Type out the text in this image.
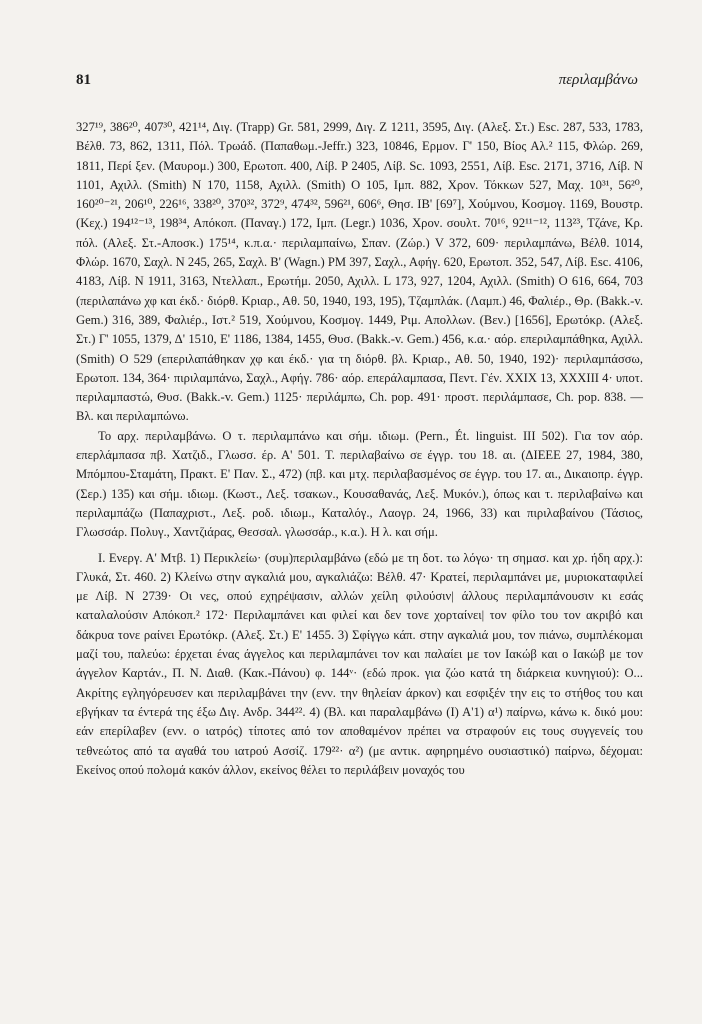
81	περιλαμβάνω

327¹⁹, 386²⁰, 407³⁰, 421¹⁴, Διγ. (Trapp) Gr. 581, 2999, Διγ. Ζ 1211, 3595, Διγ. (Αλεξ. Στ.) Esc. 287, 533, 1783, Βέλθ. 73, 862, 1311, Πόλ. Τρωάδ. (Παπαθωμ.-Jeffr.) 323, 10846, Ερμον. Γ' 150, Βίος Αλ.² 115, Φλώρ. 269, 1811, Περί ξεν. (Μαυρομ.) 300, Ερωτοπ. 400, Λίβ. P 2405, Λίβ. Sc. 1093, 2551, Λίβ. Esc. 2171, 3716, Λίβ. N 1101, Αχιλλ. (Smith) N 170, 1158, Αχιλλ. (Smith) O 105, Ιμπ. 882, Χρον. Τόκκων 527, Μαχ. 10³¹, 56²⁰, 160²⁰⁻²¹, 206¹⁰, 226¹⁶, 338²⁰, 370³², 372⁹, 474³², 596²¹, 606⁶, Θησ. ΙΒ' [69⁷], Χούμνου, Κοσμογ. 1169, Βουστρ. (Κεχ.) 194¹²⁻¹³, 198³⁴, Απόκοπ. (Παναγ.) 172, Ιμπ. (Legr.) 1036, Χρον. σουλτ. 70¹⁶, 92¹¹⁻¹², 113²³, Τζάνε, Κρ. πόλ. (Αλεξ. Στ.-Αποσκ.) 175¹⁴, κ.π.α.· περιλαμπαίνω, Σπαν. (Ζώρ.) V 372, 609· περιλαμπάνω, Βέλθ. 1014, Φλώρ. 1670, Σαχλ. N 245, 265, Σαχλ. Β' (Wagn.) PM 397, Σαχλ., Αφήγ. 620, Ερωτοπ. 352, 547, Λίβ. Esc. 4106, 4183, Λίβ. N 1911, 3163, Ντελλαπ., Ερωτήμ. 2050, Αχιλλ. L 173, 927, 1204, Αχιλλ. (Smith) O 616, 664, 703 (περιλαπάνω χφ και έκδ.· διόρθ. Κριαρ., Αθ. 50, 1940, 193, 195), Τζαμπλάκ. (Λαμπ.) 46, Φαλιέρ., Θρ. (Bakk.-v. Gem.) 316, 389, Φαλιέρ., Ιστ.² 519, Χούμνου, Κοσμογ. 1449, Ριμ. Απολλων. (Βεν.) [1656], Ερωτόκρ. (Αλεξ. Στ.) Γ' 1055, 1379, Δ' 1510, Ε' 1186, 1384, 1455, Θυσ. (Bakk.-v. Gem.) 456, κ.α.· αόρ. επεριλαμπάθηκα, Αχιλλ. (Smith) O 529 (επεριλαπάθηκαν χφ και έκδ.· για τη διόρθ. βλ. Κριαρ., Αθ. 50, 1940, 192)· περιλαμπάσσω, Ερωτοπ. 134, 364· πιριλαμπάνω, Σαχλ., Αφήγ. 786· αόρ. επεράλαμπασα, Πεντ. Γέν. XXIX 13, XXXIII 4· υποτ. περιλαμπαστώ, Θυσ. (Bakk.-v. Gem.) 1125· περιλάμπω, Ch. pop. 491· προστ. περιλάμπασε, Ch. pop. 838. — Βλ. και περιλαμπώνω.

Το αρχ. περιλαμβάνω. Ο τ. περιλαμπάνω και σήμ. ιδιωμ. (Pern., Ét. linguist. III 502). Για τον αόρ. επερλάμπασα πβ. Χατζιδ., Γλωσσ. έρ. Α' 501. Τ. περιλαβαίνω σε έγγρ. του 18. αι. (ΔΙΕΕΕ 27, 1984, 380, Μπόμπου-Σταμάτη, Πρακτ. Ε' Παν. Σ., 472) (πβ. και μτχ. περιλαβασμένος σε έγγρ. του 17. αι., Δικαιοπρ. έγγρ. (Σερ.) 135) και σήμ. ιδιωμ. (Κωστ., Λεξ. τσακων., Κουσαθανάς, Λεξ. Μυκόν.), όπως και τ. περιλαβαίνω και περιλαμπάζω (Παπαχριστ., Λεξ. ροδ. ιδιωμ., Καταλόγ., Λαογρ. 24, 1966, 33) και πιριλαβαίνου (Τάσιος, Γλωσσάρ. Πολυγ., Χαντζιάρας, Θεσσαλ. γλωσσάρ., κ.α.). Η λ. και σήμ.

Ι. Ενεργ. Α' Μτβ. 1) Περικλείω· (συμ)περιλαμβάνω (εδώ με τη δοτ. τω λόγω· τη σημασ. και χρ. ήδη αρχ.): Γλυκά, Στ. 460. 2) Κλείνω στην αγκαλιά μου, αγκαλιάζω: Βέλθ. 47· Κρατεί, περιλαμπάνει με, μυριοκαταφιλεί με Λίβ. N 2739· Οι νες, οπού εχηρέψασιν, αλλών χείλη φιλούσιν| άλλους περιλαμπάνουσιν κι εσάς καταλαλούσιν Απόκοπ.² 172· Περιλαμπάνει και φιλεί και δεν τονε χορταίνει| τον φίλο του τον ακριβό και δάκρυα τονε ραίνει Ερωτόκρ. (Αλεξ. Στ.) Ε' 1455. 3) Σφίγγω κάπ. στην αγκαλιά μου, τον πιάνω, συμπλέκομαι μαζί του, παλεύω: έρχεται ένας άγγελος και περιλαμπάνει τον και παλαίει με τον Ιακώβ και ο Ιακώβ με τον άγγελον Καρτάν., Π. Ν. Διαθ. (Κακ.-Πάνου) φ. 144ᵛ· (εδώ προκ. για ζώο κατά τη διάρκεια κυνηγιού): Ο... Ακρίτης εγληγόρευσεν και περιλαμβάνει την (ενν. την θηλείαν άρκον) και εσφιξέν την εις το στήθος του και εβγήκαν τα έντερά της έξω Διγ. Ανδρ. 344²². 4) (Βλ. και παραλαμβάνω (Ι) Α'1) α¹) παίρνω, κάνω κ. δικό μου: εάν επερίλαβεν (ενν. ο ιατρός) τίποτες από τον αποθαμένον πρέπει να στραφούν εις τους συγγενείς του τεθνεώτος από τα αγαθά του ιατρού Ασσίζ. 179²²· α²) (με αντικ. αφηρημένο ουσιαστικό) παίρνω, δέχομαι: Εκείνος οπού πολομά κακόν άλλον, εκείνος θέλει το περιλάβειν μοναχός του
